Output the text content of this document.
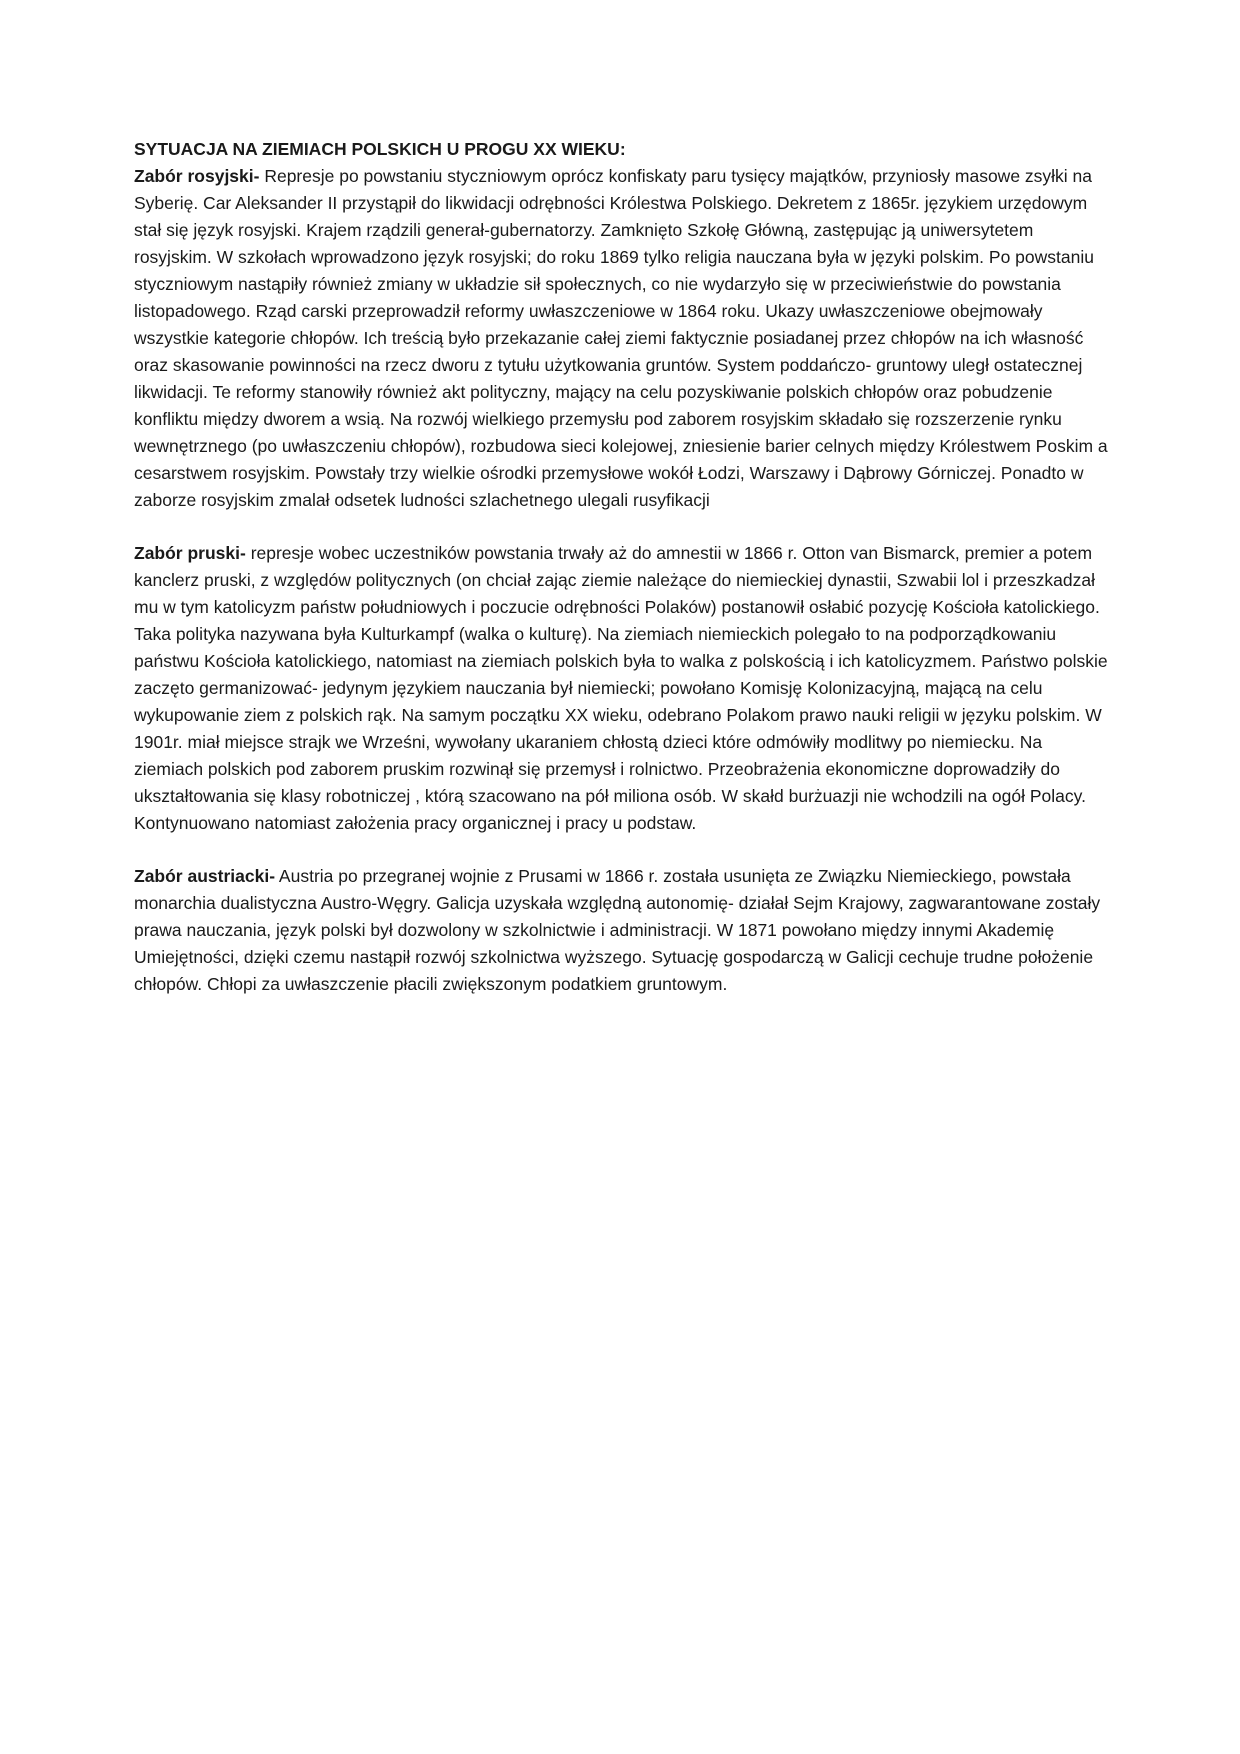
SYTUACJA NA ZIEMIACH POLSKICH U PROGU XX WIEKU:

Zabór rosyjski- Represje po powstaniu styczniowym oprócz konfiskaty paru tysięcy majątków, przyniosły masowe zsyłki na Syberię. Car Aleksander II przystąpił do likwidacji odrębności Królestwa Polskiego. Dekretem z 1865r. językiem urzędowym stał się język rosyjski. Krajem rządzili generał-gubernatorzy. Zamknięto Szkołę Główną, zastępując ją uniwersytetem rosyjskim. W szkołach wprowadzono język rosyjski; do roku 1869 tylko religia nauczana była w języki polskim. Po powstaniu styczniowym nastąpiły również zmiany w układzie sił społecznych, co nie wydarzyło się w przeciwieństwie do powstania listopadowego. Rząd carski przeprowadził reformy uwłaszczeniowe w 1864 roku. Ukazy uwłaszczeniowe obejmowały wszystkie kategorie chłopów. Ich treścią było przekazanie całej ziemi faktycznie posiadanej przez chłopów na ich własność oraz skasowanie powinności na rzecz dworu z tytułu użytkowania gruntów. System poddańczo- gruntowy uległ ostatecznej likwidacji. Te reformy stanowiły również akt polityczny, mający na celu pozyskiwanie polskich chłopów oraz pobudzenie konfliktu między dworem a wsią. Na rozwój wielkiego przemysłu pod zaborem rosyjskim składało się rozszerzenie rynku wewnętrznego (po uwłaszczeniu chłopów), rozbudowa sieci kolejowej, zniesienie barier celnych między Królestwem Poskim a cesarstwem rosyjskim. Powstały trzy wielkie ośrodki przemysłowe wokół Łodzi, Warszawy i Dąbrowy Górniczej. Ponadto w zaborze rosyjskim zmalał odsetek ludności szlachetnego ulegali rusyfikacji

Zabór pruski- represje wobec uczestników powstania trwały aż do amnestii w 1866 r. Otton van Bismarck, premier a potem kanclerz pruski, z względów politycznych (on chciał zając ziemie należące do niemieckiej dynastii, Szwabii lol i przeszkadzał mu w tym katolicyzm państw południowych i poczucie odrębności Polaków) postanowił osłabić pozycję Kościoła katolickiego. Taka polityka nazywana była Kulturkampf (walka o kulturę). Na ziemiach niemieckich polegało to na podporządkowaniu państwu Kościoła katolickiego, natomiast na ziemiach polskich była to walka z polskością i ich katolicyzmem. Państwo polskie zaczęto germanizować- jedynym językiem nauczania był niemiecki; powołano Komisję Kolonizacyjną, mającą na celu wykupowanie ziem z polskich rąk. Na samym początku XX wieku, odebrano Polakom prawo nauki religii w języku polskim. W 1901r. miał miejsce strajk we Wrześni, wywołany ukaraniem chłostą dzieci które odmówiły modlitwy po niemiecku. Na ziemiach polskich pod zaborem pruskim rozwinął się przemysł i rolnictwo. Przeobrażenia ekonomiczne doprowadziły do ukształtowania się klasy robotniczej , którą szacowano na pół miliona osób. W skałd burżuazji nie wchodzili na ogół Polacy. Kontynuowano natomiast założenia pracy organicznej i pracy u podstaw.

Zabór austriacki- Austria po przegranej wojnie z Prusami w 1866 r. została usunięta ze Związku Niemieckiego, powstała monarchia dualistyczna Austro-Węgry. Galicja uzyskała względną autonomię- działał Sejm Krajowy, zagwarantowane zostały prawa nauczania, język polski był dozwolony w szkolnictwie i administracji. W 1871 powołano między innymi Akademię Umiejętności, dzięki czemu nastąpił rozwój szkolnictwa wyższego. Sytuację gospodarczą w Galicji cechuje trudne położenie chłopów. Chłopi za uwłaszczenie płacili zwiększonym podatkiem gruntowym.
